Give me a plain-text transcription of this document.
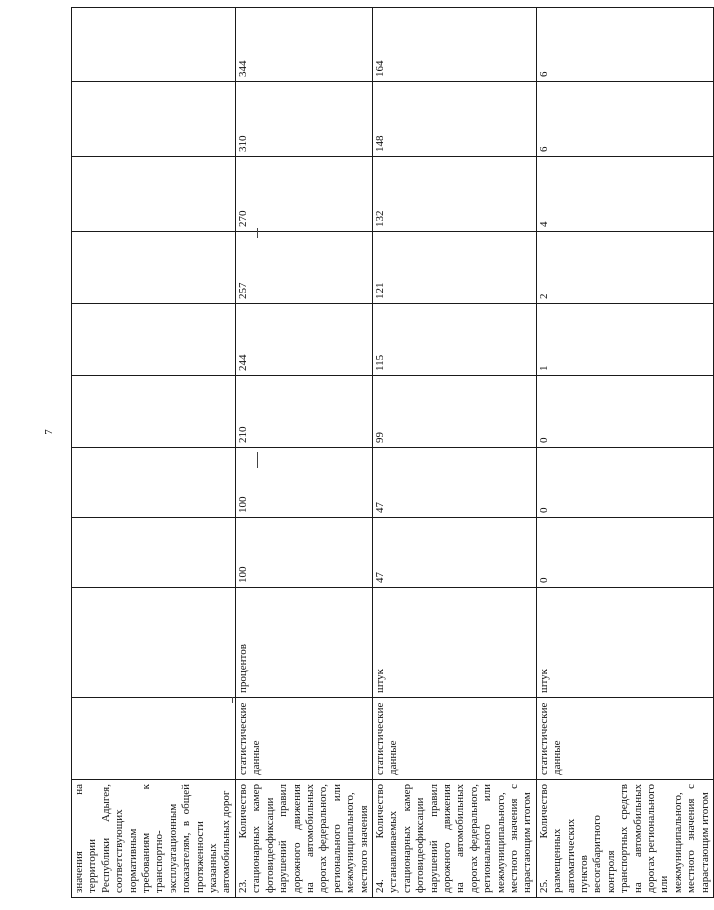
7
значения на территории Республики Адыгея, соответствующих нормативным требованиям к транспортно-эксплуатационным показателям, в общей протяженности указанных автомобильных дорог										
23. Количество стационарных камер фотовидеофиксации нарушений правил дорожного движения на автомобильных дорогах федерального, регионального или межмуниципального, местного значения	статистические данные	процентов	100	100	210	244	257	270	310	344
24. Количество устанавливаемых стационарных камер фотовидеофиксации нарушений правил дорожного движения на автомобильных дорогах федерального, регионального или межмуниципального, местного значения с нарастающим итогом	статистические данные	штук	47	47	99	115	121	132	148	164
25. Количество размещенных автоматических пунктов весогабаритного контроля транспортных средств на автомобильных дорогах регионального или межмуниципального, местного значения с нарастающим итогом	статистические данные	штук	0	0	0	1	2	4	6	6
